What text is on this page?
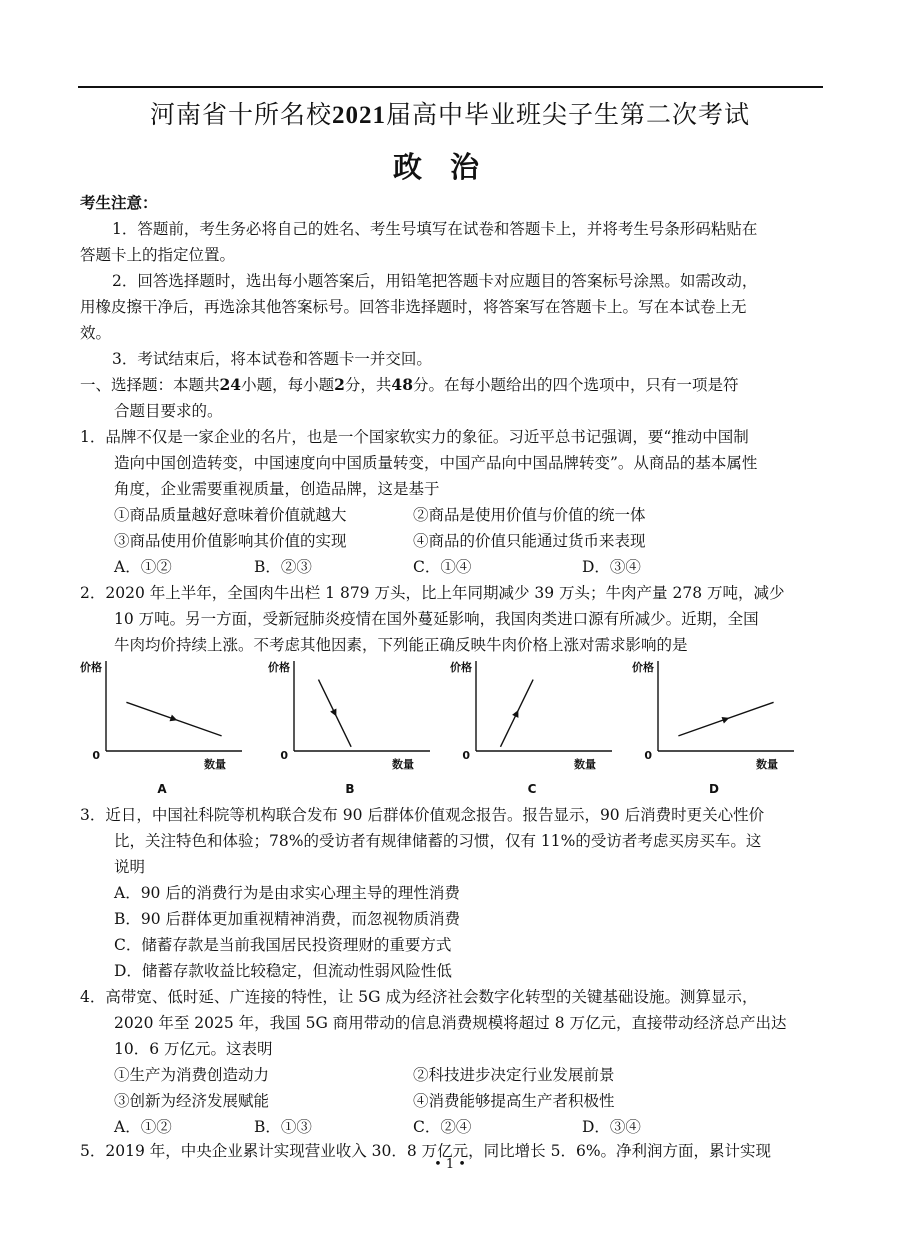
河南省十所名校2021届高中毕业班尖子生第二次考试
政治
考生注意：
1．答题前，考生务必将自己的姓名、考生号填写在试卷和答题卡上，并将考生号条形码粘贴在
答题卡上的指定位置。
2．回答选择题时，选出每小题答案后，用铅笔把答题卡对应题目的答案标号涂黑。如需改动，
用橡皮擦干净后，再选涂其他答案标号。回答非选择题时，将答案写在答题卡上。写在本试卷上无
效。
3．考试结束后，将本试卷和答题卡一并交回。
一、选择题：本题共24小题，每小题2分，共48分。在每小题给出的四个选项中，只有一项是符
合题目要求的。
1．品牌不仅是一家企业的名片，也是一个国家软实力的象征。习近平总书记强调，要“推动中国制
造向中国创造转变，中国速度向中国质量转变，中国产品向中国品牌转变”。从商品的基本属性
角度，企业需要重视质量，创造品牌，这是基于
①商品质量越好意味着价值就越大	②商品是使用价值与价值的统一体
③商品使用价值影响其价值的实现	④商品的价值只能通过货币来表现
A．①②	B．②③	C．①④	D．③④
2．2020 年上半年，全国肉牛出栏 1 879 万头，比上年同期减少 39 万头；牛肉产量 278 万吨，减少
10 万吨。另一方面，受新冠肺炎疫情在国外蔓延影响，我国肉类进口源有所减少。近期，全国
牛肉均价持续上涨。不考虑其他因素，下列能正确反映牛肉价格上涨对需求影响的是
价格
0
数量
A
价格
0
数量
B
价格
0
数量
C
价格
0
数量
D
3．近日，中国社科院等机构联合发布 90 后群体价值观念报告。报告显示，90 后消费时更关心性价
比，关注特色和体验；78%的受访者有规律储蓄的习惯，仅有 11%的受访者考虑买房买车。这
说明
A．90 后的消费行为是由求实心理主导的理性消费
B．90 后群体更加重视精神消费，而忽视物质消费
C．储蓄存款是当前我国居民投资理财的重要方式
D．储蓄存款收益比较稳定，但流动性弱风险性低
4．高带宽、低时延、广连接的特性，让 5G 成为经济社会数字化转型的关键基础设施。测算显示，
2020 年至 2025 年，我国 5G 商用带动的信息消费规模将超过 8 万亿元，直接带动经济总产出达
10．6 万亿元。这表明
①生产为消费创造动力	②科技进步决定行业发展前景
③创新为经济发展赋能	④消费能够提高生产者积极性
A．①②	B．①③	C．②④	D．③④
5．2019 年，中央企业累计实现营业收入 30．8 万亿元，同比增长 5．6%。净利润方面，累计实现
• 1 •
